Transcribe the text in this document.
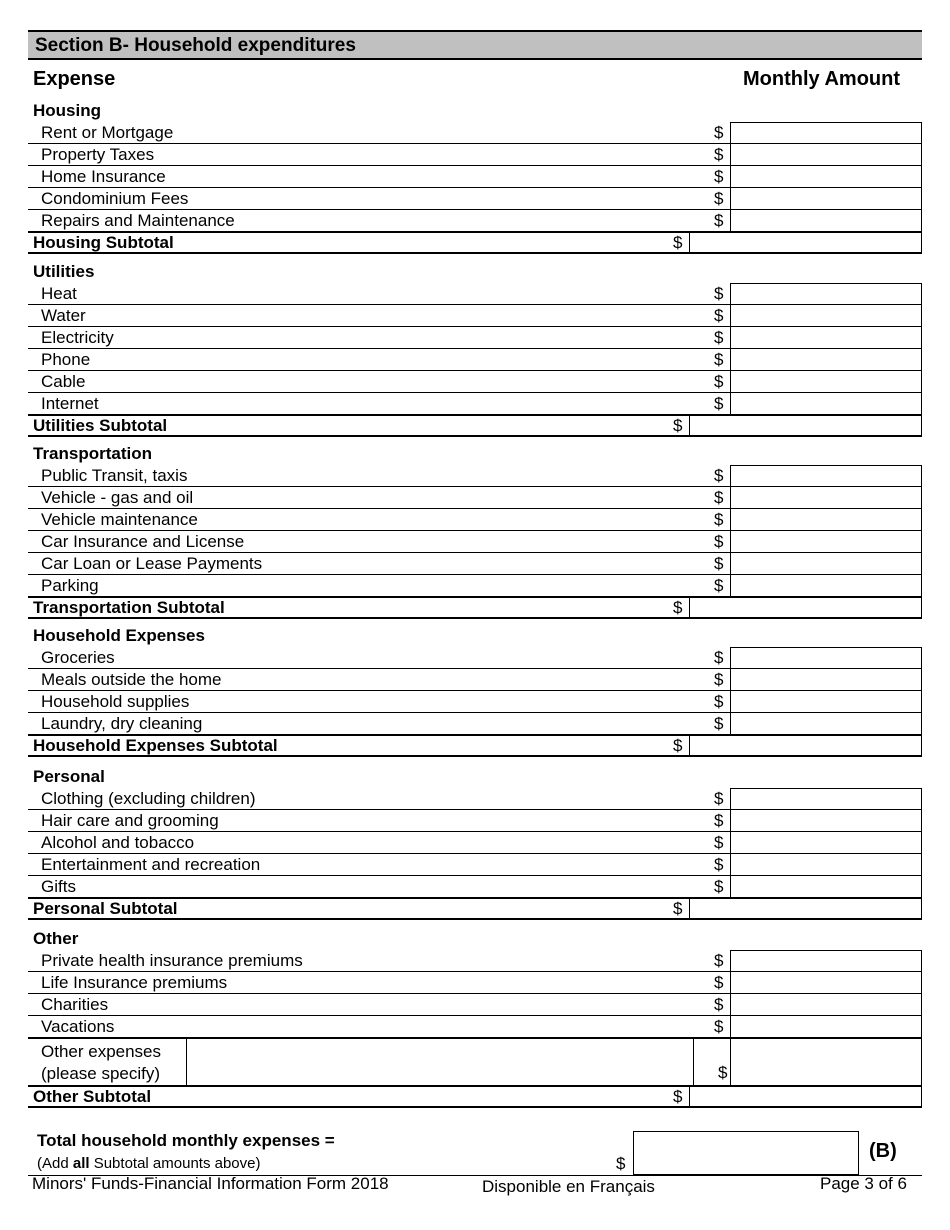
Section B- Household expenditures
Expense	Monthly Amount
Housing
Rent or Mortgage	$
Property Taxes	$
Home Insurance	$
Condominium Fees	$
Repairs and Maintenance	$
Housing Subtotal	$
Utilities
Heat	$
Water	$
Electricity	$
Phone	$
Cable	$
Internet	$
Utilities Subtotal	$
Transportation
Public Transit, taxis	$
Vehicle - gas and oil	$
Vehicle maintenance	$
Car Insurance and License	$
Car Loan or Lease Payments	$
Parking	$
Transportation Subtotal	$
Household Expenses
Groceries	$
Meals outside the home	$
Household supplies	$
Laundry, dry cleaning	$
Household Expenses Subtotal	$
Personal
Clothing (excluding children)	$
Hair care and grooming	$
Alcohol and tobacco	$
Entertainment and recreation	$
Gifts	$
Personal Subtotal	$
Other
Private health insurance premiums	$
Life Insurance premiums	$
Charities	$
Vacations	$
Other expenses
(please specify)	$
Other Subtotal	$
Total household monthly expenses =
(Add all Subtotal amounts above)	$
(B)
Minors' Funds-Financial Information Form 2018	Disponible en Français	Page 3 of 6
